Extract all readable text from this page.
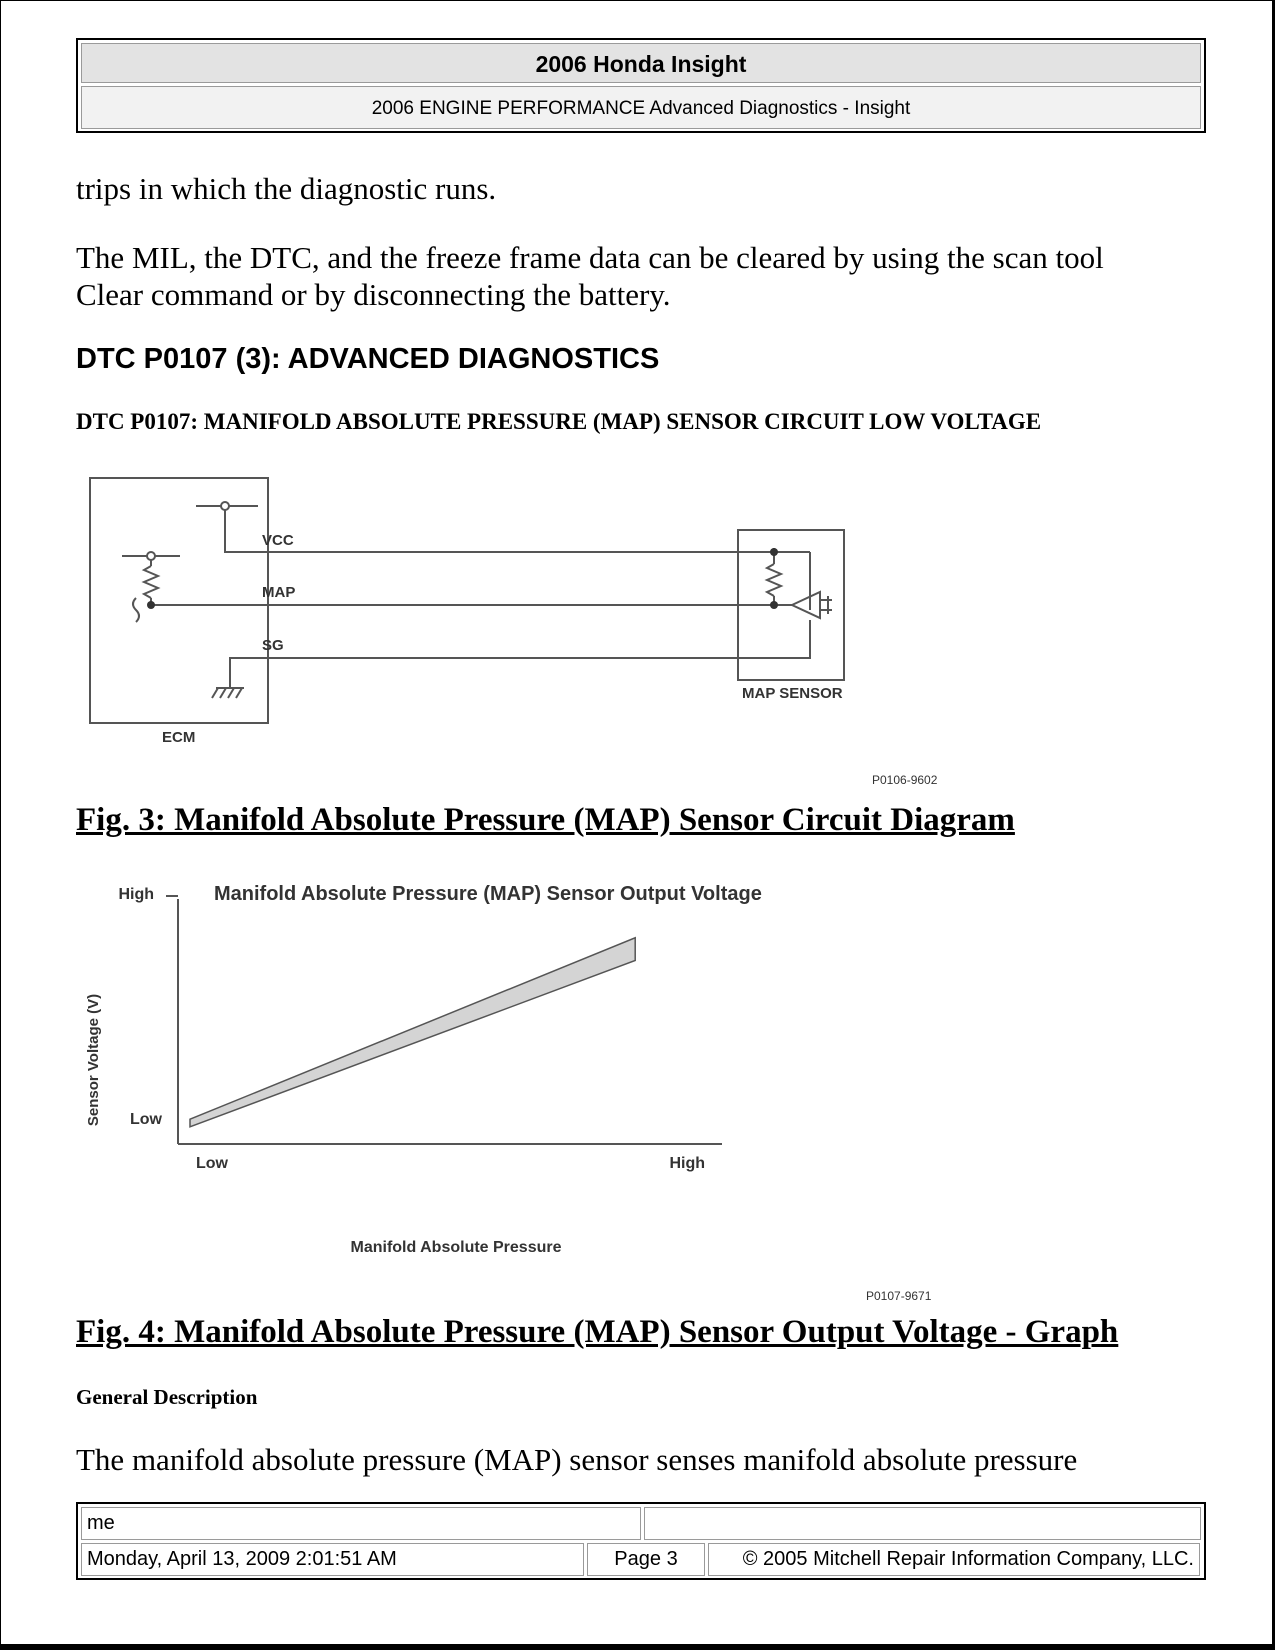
2006 Honda Insight
2006 ENGINE PERFORMANCE Advanced Diagnostics - Insight

trips in which the diagnostic runs.

The MIL, the DTC, and the freeze frame data can be cleared by using the scan tool

Clear command or by disconnecting the battery.

DTC P0107 (3): ADVANCED DIAGNOSTICS

DTC P0107: MANIFOLD ABSOLUTE PRESSURE (MAP) SENSOR CIRCUIT LOW VOLTAGE

VCC
MAP
SG
ECM
MAP SENSOR
P0106-9602

Fig. 3: Manifold Absolute Pressure (MAP) Sensor Circuit Diagram

Manifold Absolute Pressure (MAP) Sensor Output Voltage
Sensor Voltage (V)
Manifold Absolute Pressure
Low
High
Low	High
P0107-9671

Fig. 4: Manifold Absolute Pressure (MAP) Sensor Output Voltage - Graph

General Description

The manifold absolute pressure (MAP) sensor senses manifold absolute pressure

me
Monday, April 13, 2009 2:01:51 AM	Page 3	© 2005 Mitchell Repair Information Company, LLC.
